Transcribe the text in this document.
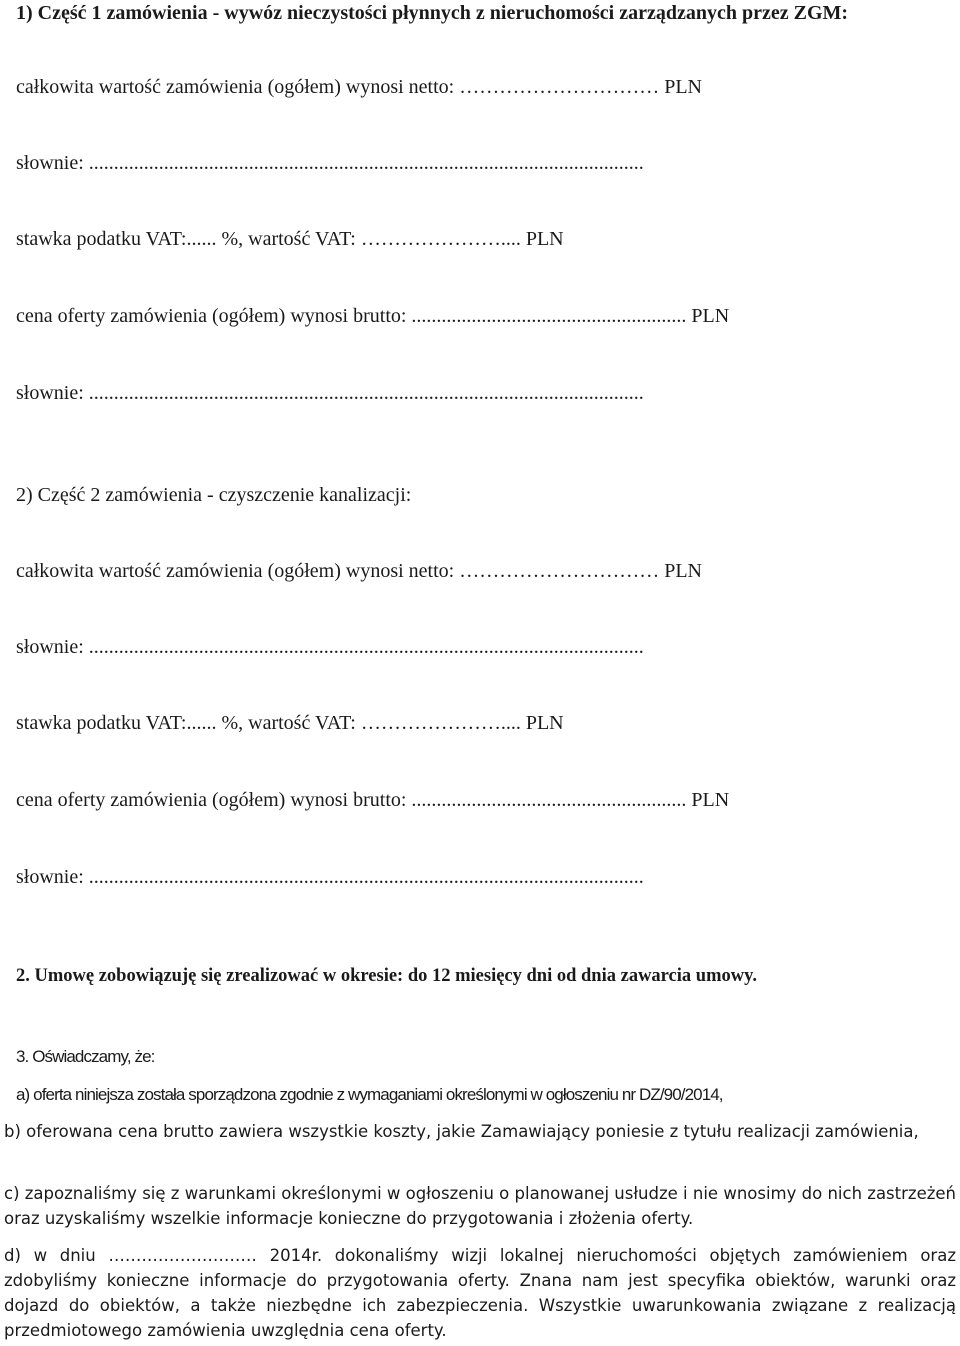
1) Część 1 zamówienia - wywóz nieczystości płynnych z nieruchomości zarządzanych przez ZGM:
całkowita wartość zamówienia (ogółem) wynosi netto: ………………………… PLN
słownie: ...............................................................................................................
stawka podatku VAT:...... %, wartość VAT: ………………….... PLN
cena oferty zamówienia (ogółem) wynosi brutto: ....................................................... PLN
słownie: ...............................................................................................................
2) Część 2 zamówienia - czyszczenie kanalizacji:
całkowita wartość zamówienia (ogółem) wynosi netto: ………………………… PLN
słownie: ...............................................................................................................
stawka podatku VAT:...... %, wartość VAT: ………………….... PLN
cena oferty zamówienia (ogółem) wynosi brutto: ....................................................... PLN
słownie: ...............................................................................................................
2. Umowę zobowiązuję się zrealizować w okresie: do 12 miesięcy dni od dnia zawarcia umowy.
3. Oświadczamy, że:
a) oferta niniejsza została sporządzona zgodnie z wymaganiami określonymi w ogłoszeniu nr DZ/90/2014,
b) oferowana cena brutto zawiera wszystkie koszty, jakie Zamawiający poniesie z tytułu realizacji zamówienia,
c) zapoznaliśmy się z warunkami określonymi w ogłoszeniu o planowanej usłudze i nie wnosimy do nich zastrzeżeń oraz uzyskaliśmy wszelkie informacje konieczne do przygotowania i złożenia oferty.
d) w dniu ……………………… 2014r. dokonaliśmy wizji lokalnej nieruchomości objętych zamówieniem oraz zdobyliśmy konieczne informacje do przygotowania oferty. Znana nam jest specyfika obiektów, warunki oraz dojazd do obiektów, a także niezbędne ich zabezpieczenia. Wszystkie uwarunkowania związane z realizacją przedmiotowego zamówienia uwzględnia cena oferty.
